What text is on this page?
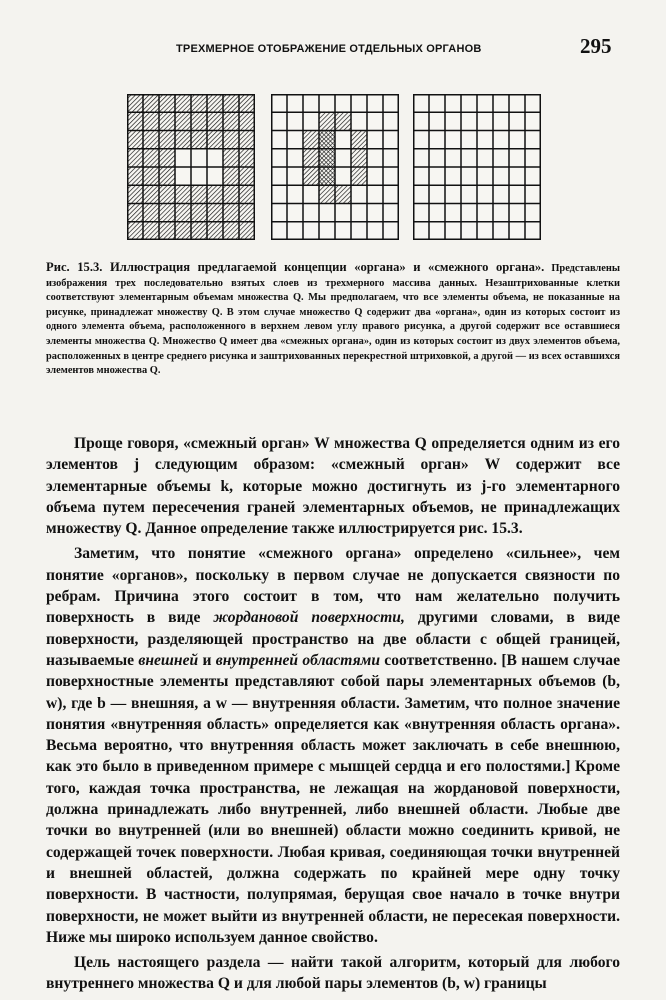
ТРЕХМЕРНОЕ ОТОБРАЖЕНИЕ ОТДЕЛЬНЫХ ОРГАНОВ	295
Рис. 15.3. Иллюстрация предлагаемой концепции «органа» и «смежного органа». Представлены изображения трех последовательно взятых слоев из трехмерного массива данных. Незаштрихованные клетки соответствуют элементарным объемам множества Q. Мы предполагаем, что все элементы объема, не показанные на рисунке, принадлежат множеству Q. В этом случае множество Q содержит два «органа», один из которых состоит из одного элемента объема, расположенного в верхнем левом углу правого рисунка, а другой содержит все оставшиеся элементы множества Q. Множество Q имеет два «смежных органа», один из которых состоит из двух элементов объема, расположенных в центре среднего рисунка и заштрихованных перекрестной штриховкой, а другой — из всех оставшихся элементов множества Q.

Проще говоря, «смежный орган» W множества Q определяется одним из его элементов j следующим образом: «смежный орган» W содержит все элементарные объемы k, которые можно достигнуть из j-го элементарного объема путем пересечения граней элементарных объемов, не принадлежащих множеству Q. Данное определение также иллюстрируется рис. 15.3.

Заметим, что понятие «смежного органа» определено «сильнее», чем понятие «органов», поскольку в первом случае не допускается связности по ребрам. Причина этого состоит в том, что нам желательно получить поверхность в виде жордановой поверхности, другими словами, в виде поверхности, разделяющей пространство на две области с общей границей, называемые внешней и внутренней областями соответственно. [В нашем случае поверхностные элементы представляют собой пары элементарных объемов (b, w), где b — внешняя, а w — внутренняя области. Заметим, что полное значение понятия «внутренняя область» определяется как «внутренняя область органа». Весьма вероятно, что внутренняя область может заключать в себе внешнюю, как это было в приведенном примере с мышцей сердца и его полостями.] Кроме того, каждая точка пространства, не лежащая на жордановой поверхности, должна принадлежать либо внутренней, либо внешней области. Любые две точки во внутренней (или во внешней) области можно соединить кривой, не содержащей точек поверхности. Любая кривая, соединяющая точки внутренней и внешней областей, должна содержать по крайней мере одну точку поверхности. В частности, полупрямая, берущая свое начало в точке внутри поверхности, не может выйти из внутренней области, не пересекая поверхности. Ниже мы широко используем данное свойство.

Цель настоящего раздела — найти такой алгоритм, который для любого внутреннего множества Q и для любой пары элементов (b, w) границы
